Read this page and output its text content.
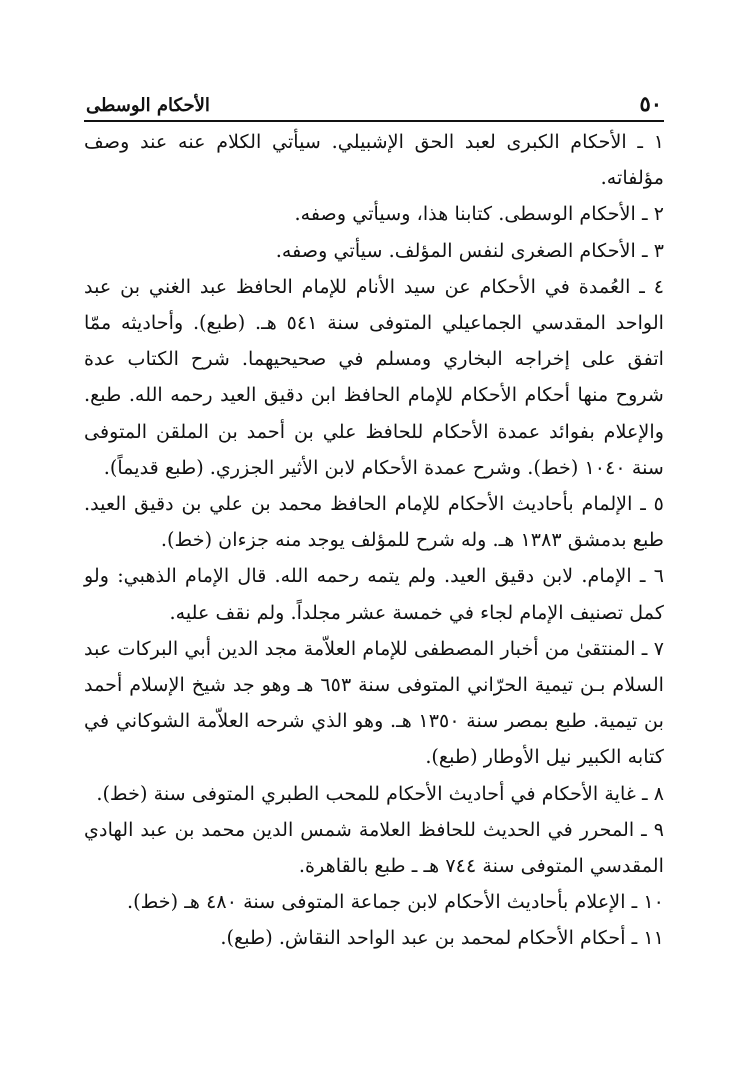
٥٠
الأحكام الوسطى
١ ـ الأحكام الكبرى لعبد الحق الإشبيلي. سيأتي الكلام عنه عند وصف مؤلفاته.
٢ ـ الأحكام الوسطى. كتابنا هذا، وسيأتي وصفه.
٣ ـ الأحكام الصغرى لنفس المؤلف. سيأتي وصفه.
٤ ـ العُمدة في الأحكام عن سيد الأنام للإمام الحافظ عبد الغني بن عبد الواحد المقدسي الجماعيلي المتوفى سنة ٥٤١ هـ. (طبع). وأحاديثه ممّا اتفق على إخراجه البخاري ومسلم في صحيحيهما. شرح الكتاب عدة شروح منها أحكام الأحكام للإمام الحافظ ابن دقيق العيد رحمه الله. طبع. والإعلام بفوائد عمدة الأحكام للحافظ علي بن أحمد بن الملقن المتوفى سنة ١٠٤٠ (خط). وشرح عمدة الأحكام لابن الأثير الجزري. (طبع قديماً).
٥ ـ الإلمام بأحاديث الأحكام للإمام الحافظ محمد بن علي بن دقيق العيد. طبع بدمشق ١٣٨٣ هـ. وله شرح للمؤلف يوجد منه جزءان (خط).
٦ ـ الإمام. لابن دقيق العيد. ولم يتمه رحمه الله. قال الإمام الذهبي: ولو كمل تصنيف الإمام لجاء في خمسة عشر مجلداً. ولم نقف عليه.
٧ ـ المنتقىٰ من أخبار المصطفى للإمام العلاّمة مجد الدين أبي البركات عبد السلام بـن تيمية الحرّاني المتوفى سنة ٦٥٣ هـ وهو جد شيخ الإسلام أحمد بن تيمية. طبع بمصر سنة ١٣٥٠ هـ. وهو الذي شرحه العلاّمة الشوكاني في كتابه الكبير نيل الأوطار (طبع).
٨ ـ غاية الأحكام في أحاديث الأحكام للمحب الطبري المتوفى سنة (خط).
٩ ـ المحرر في الحديث للحافظ العلامة شمس الدين محمد بن عبد الهادي المقدسي المتوفى سنة ٧٤٤ هـ ـ طبع بالقاهرة.
١٠ ـ الإعلام بأحاديث الأحكام لابن جماعة المتوفى سنة ٤٨٠ هـ (خط).
١١ ـ أحكام الأحكام لمحمد بن عبد الواحد النقاش. (طبع).
